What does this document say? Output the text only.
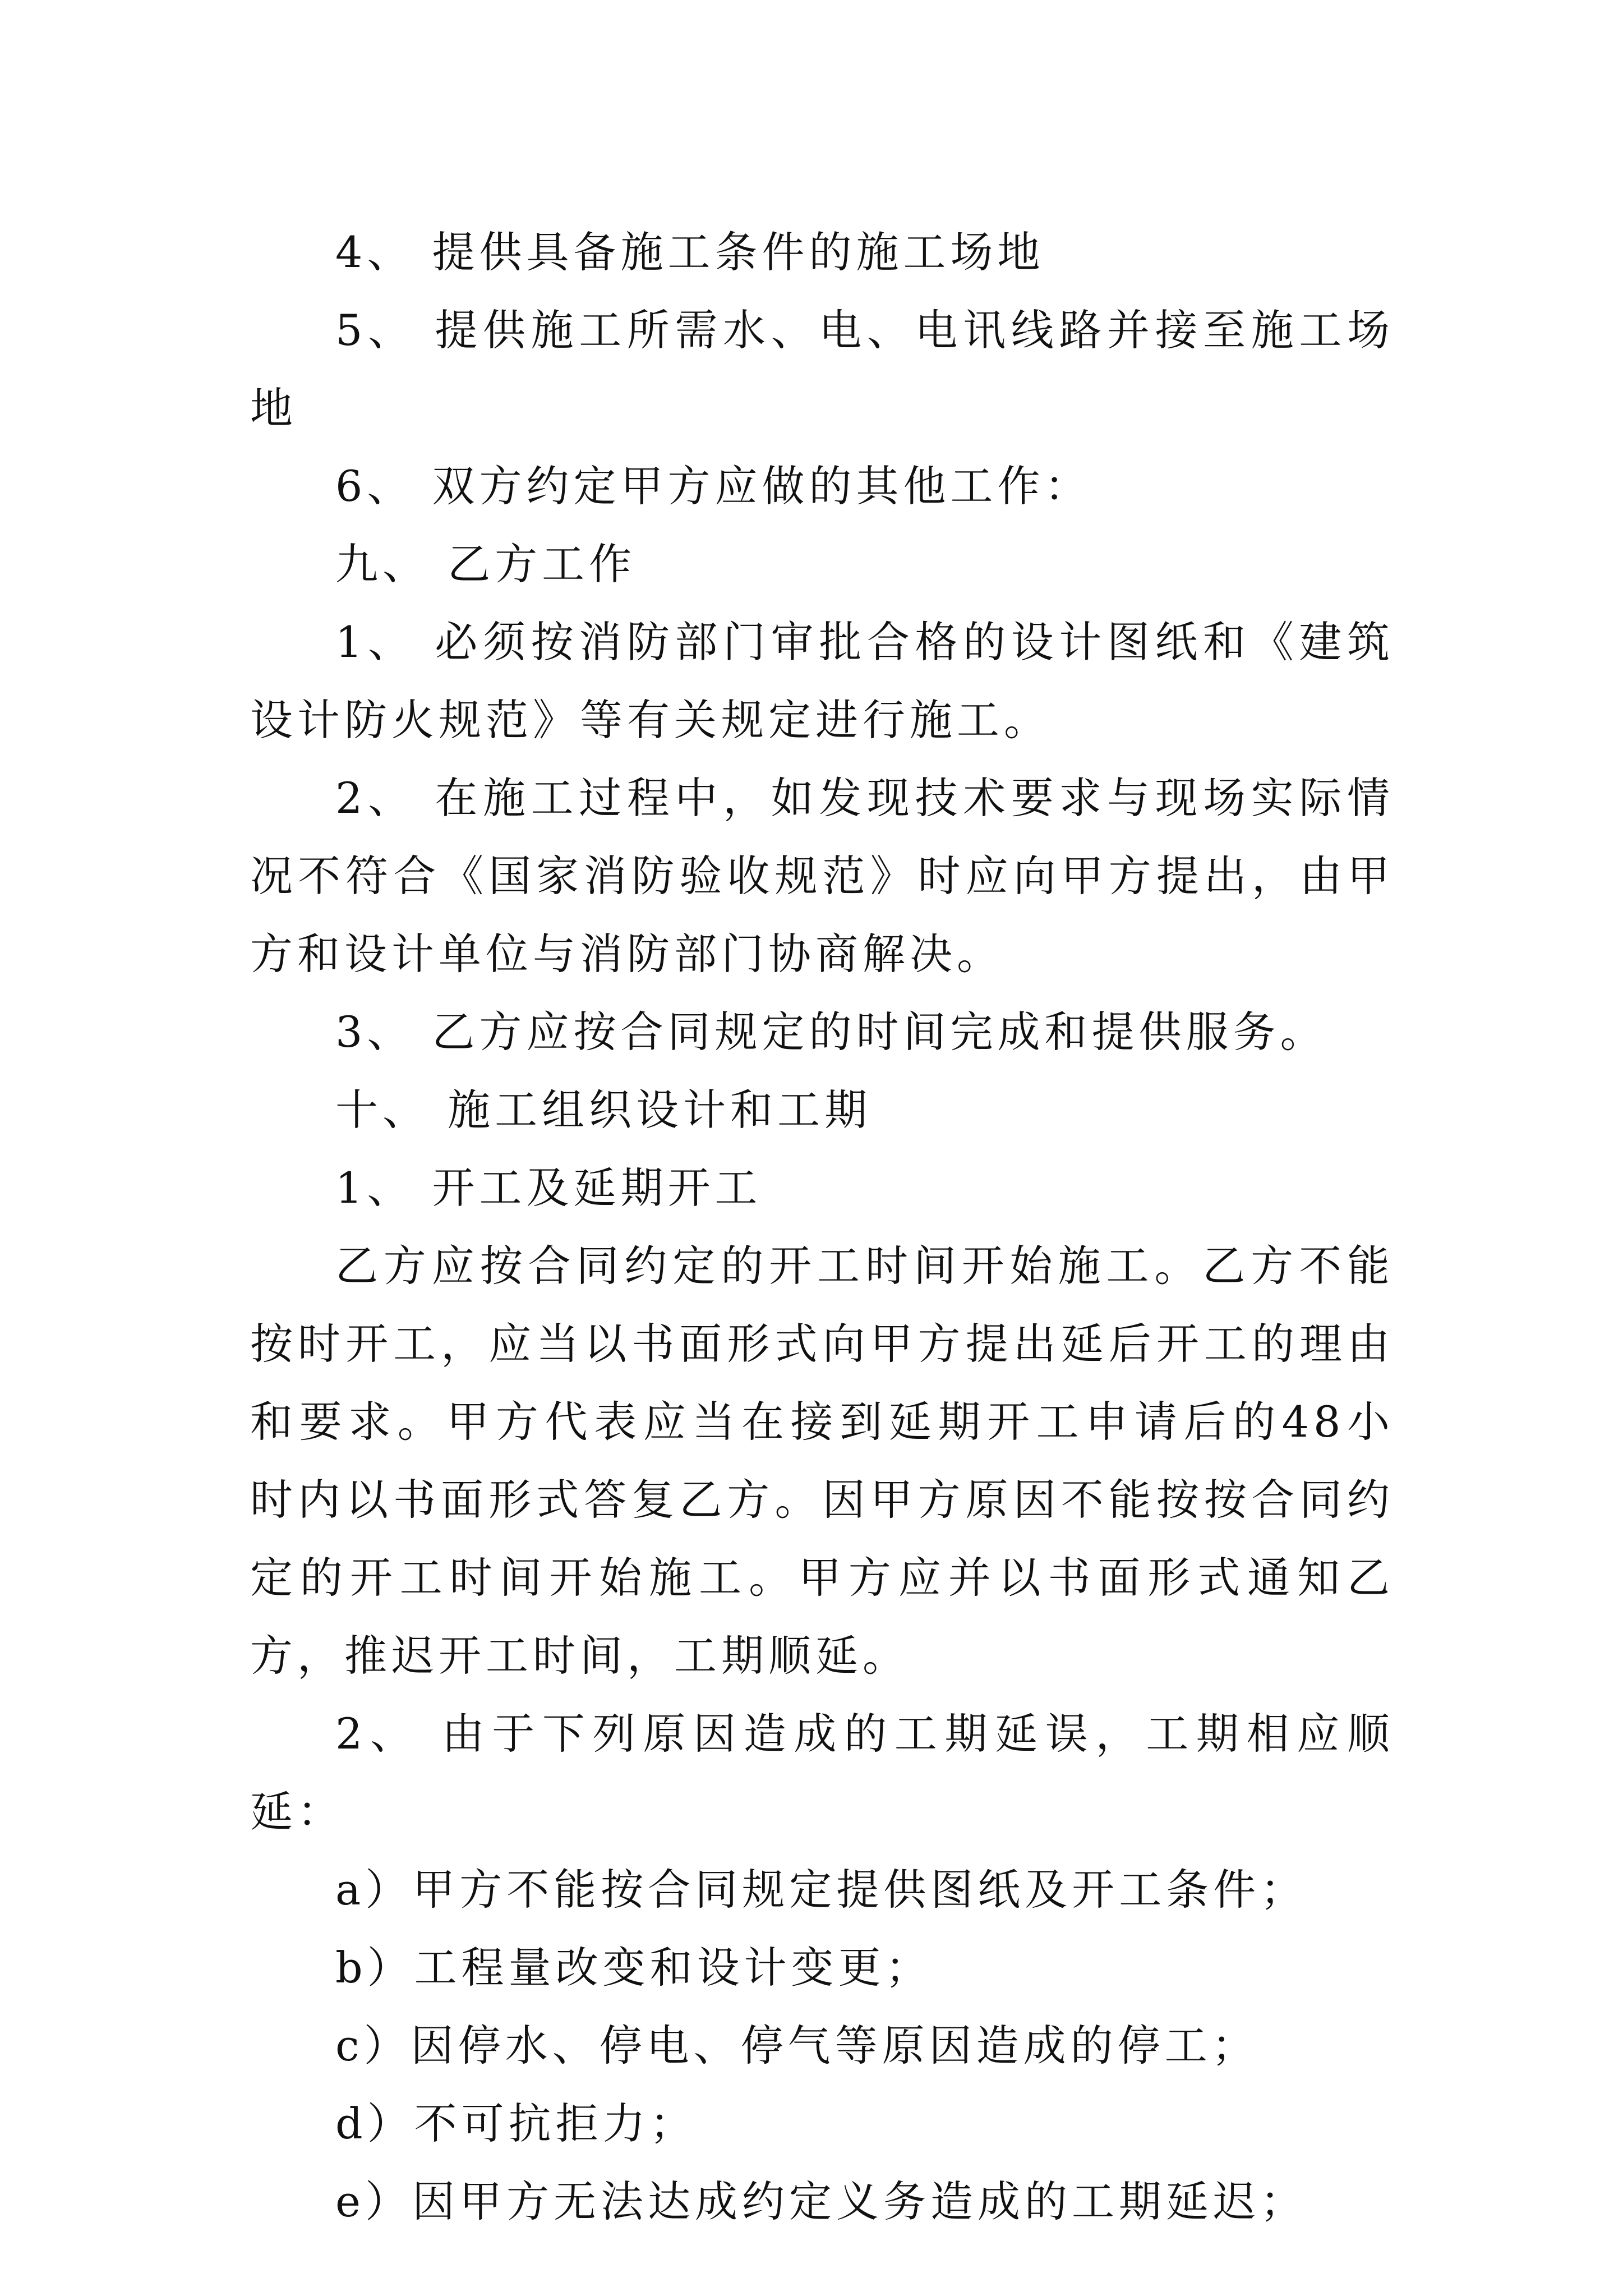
4、 提供具备施工条件的施工场地

5、 提供施工所需水、电、电讯线路并接至施工场地

6、 双方约定甲方应做的其他工作：

九、 乙方工作

1、 必须按消防部门审批合格的设计图纸和《建筑设计防火规范》等有关规定进行施工。

2、 在施工过程中，如发现技术要求与现场实际情况不符合《国家消防验收规范》时应向甲方提出，由甲方和设计单位与消防部门协商解决。

3、 乙方应按合同规定的时间完成和提供服务。

十、 施工组织设计和工期

1、 开工及延期开工

乙方应按合同约定的开工时间开始施工。乙方不能按时开工，应当以书面形式向甲方提出延后开工的理由和要求。甲方代表应当在接到延期开工申请后的48小时内以书面形式答复乙方。因甲方原因不能按按合同约定的开工时间开始施工。甲方应并以书面形式通知乙方，推迟开工时间，工期顺延。

2、 由于下列原因造成的工期延误，工期相应顺延：

a）甲方不能按合同规定提供图纸及开工条件；

b）工程量改变和设计变更；

c）因停水、停电、停气等原因造成的停工；

d）不可抗拒力；

e）因甲方无法达成约定义务造成的工期延迟；
